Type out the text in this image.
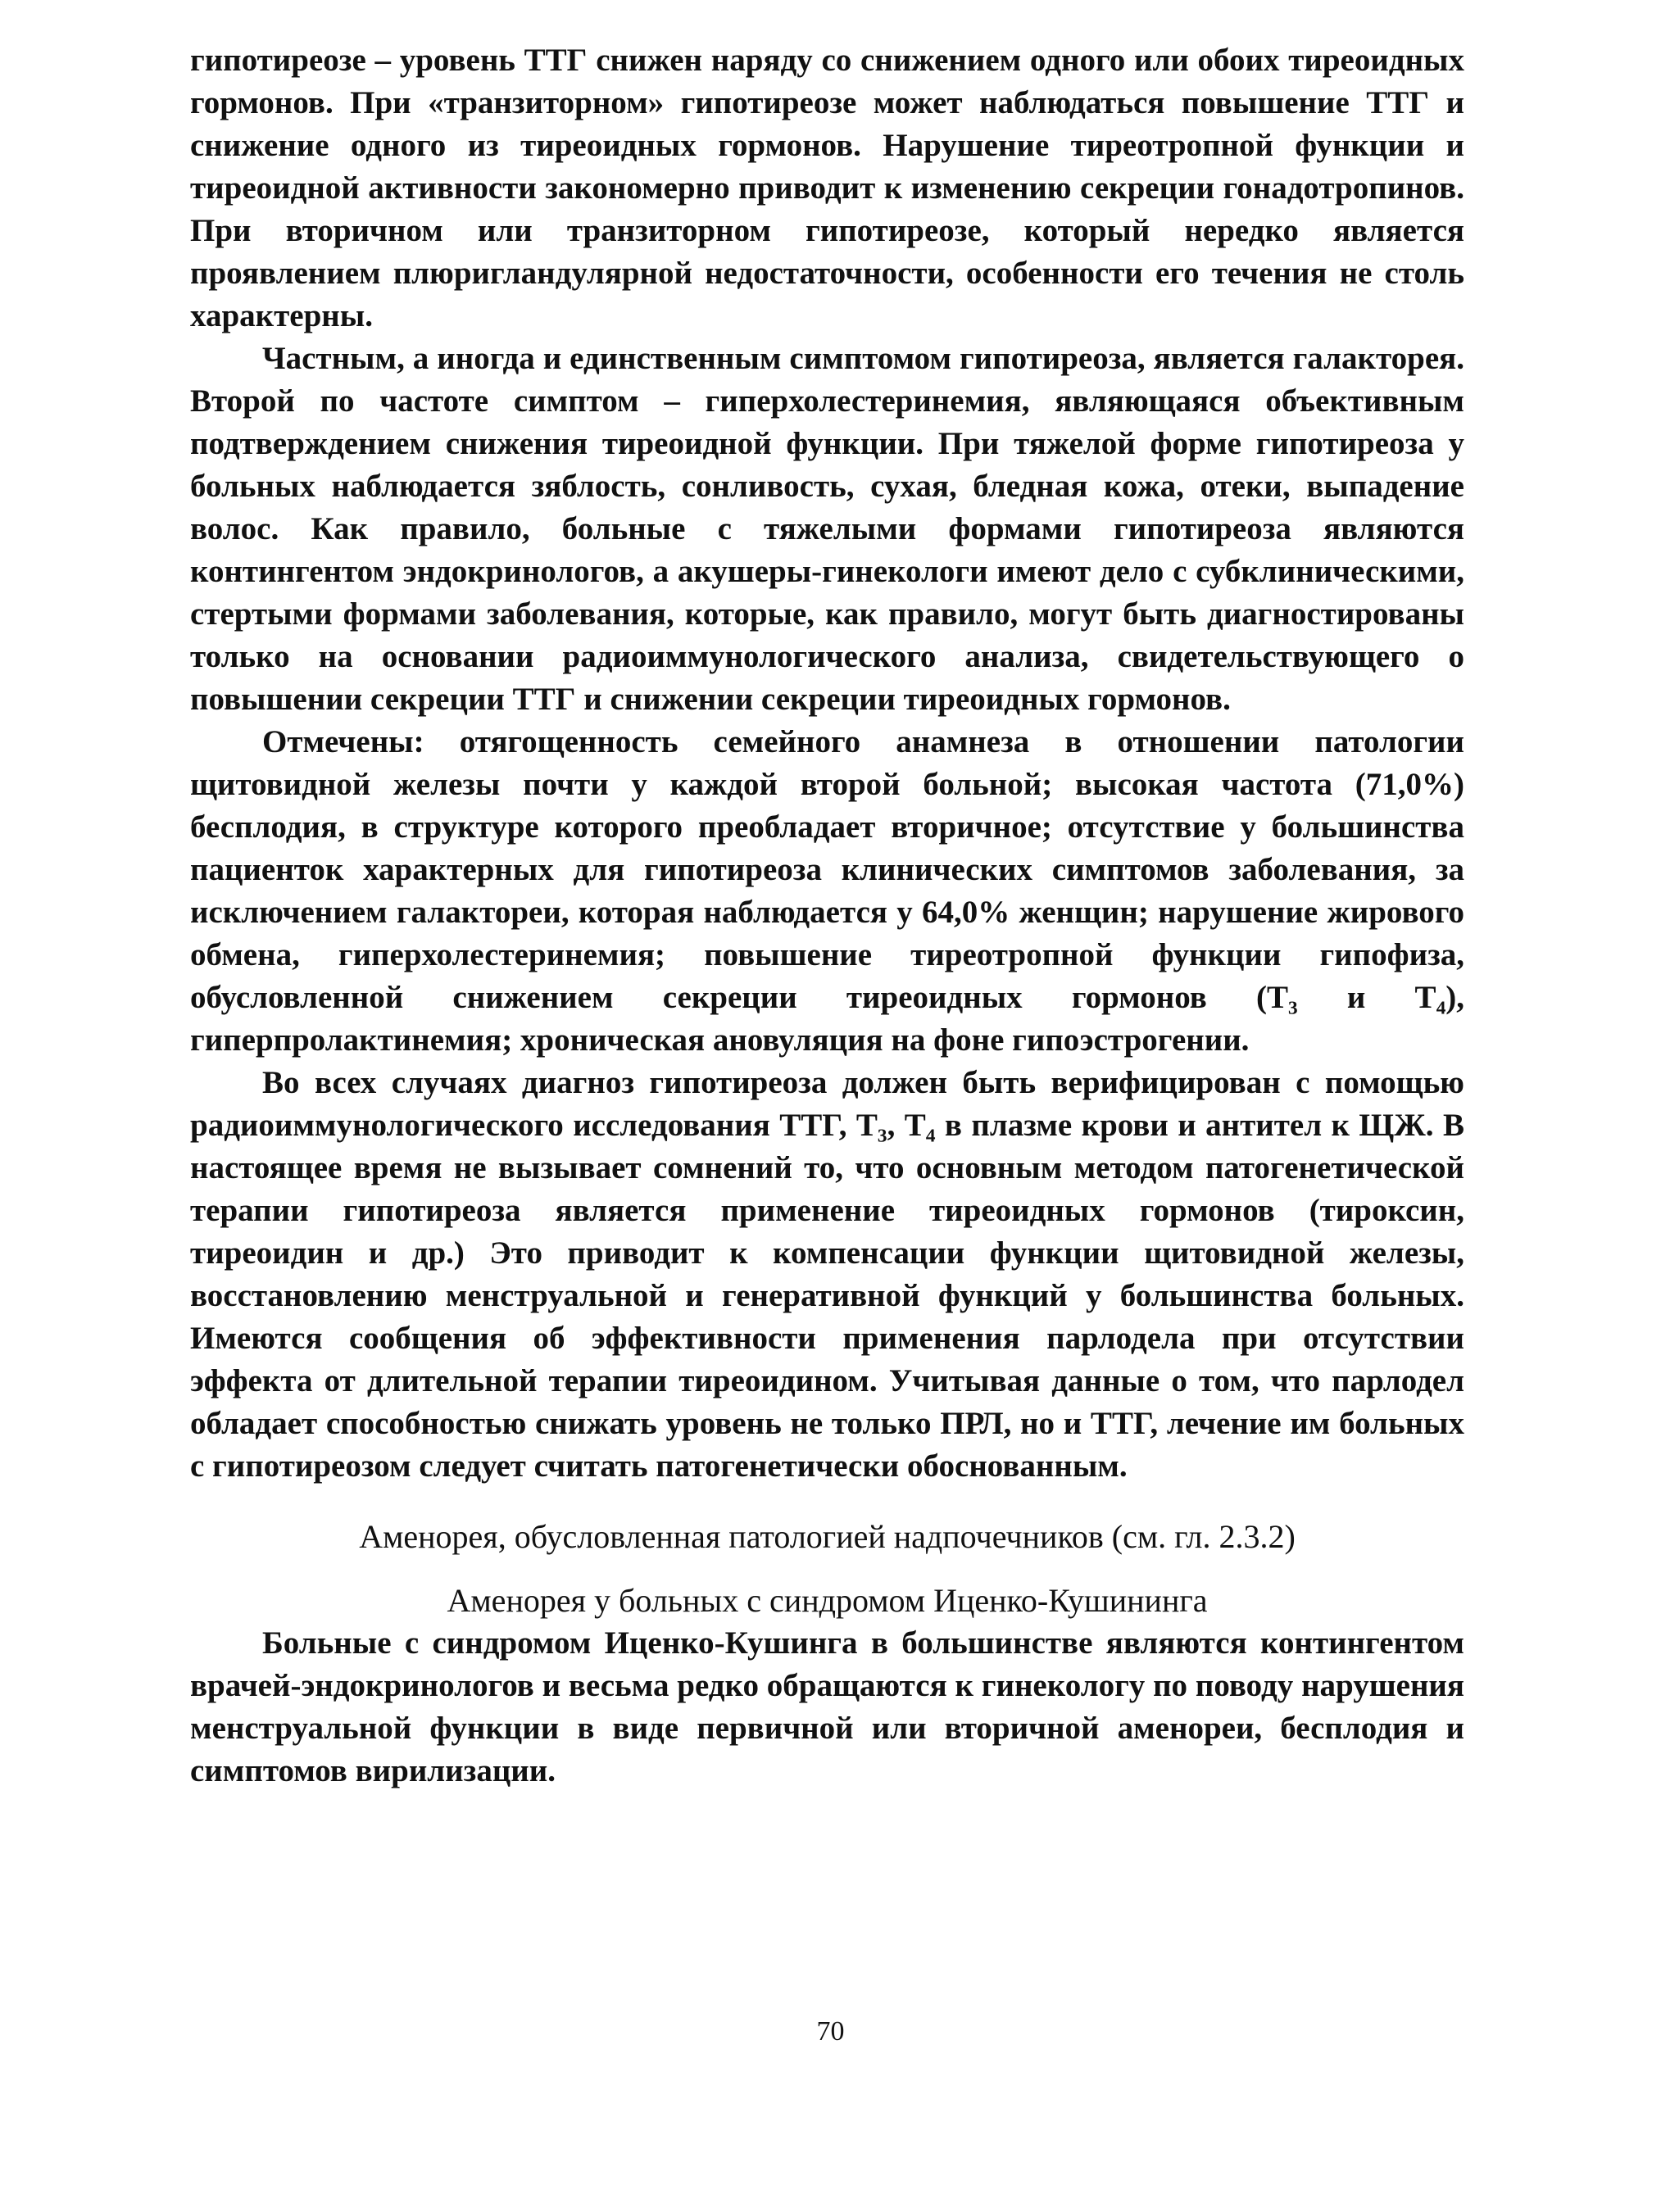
гипотиреозе – уровень ТТГ снижен наряду со снижением одного или обоих тиреоидных гормонов. При «транзиторном» гипотиреозе может наблюдаться повышение ТТГ и снижение одного из тиреоидных гормонов. Нарушение тиреотропной функции и тиреоидной активности закономерно приводит к изменению секреции гонадотропинов. При вторичном или транзиторном гипотиреозе, который нередко является проявлением плюригландулярной недостаточности, особенности его течения не столь характерны.

Частным, а иногда и единственным симптомом гипотиреоза, является галакторея. Второй по частоте симптом – гиперхолестеринемия, являющаяся объективным подтверждением снижения тиреоидной функции. При тяжелой форме гипотиреоза у больных наблюдается зяблость, сонливость, сухая, бледная кожа, отеки, выпадение волос. Как правило, больные с тяжелыми формами гипотиреоза являются контингентом эндокринологов, а акушеры-гинекологи имеют дело с субклиническими, стертыми формами заболевания, которые, как правило, могут быть диагностированы только на основании радиоиммунологического анализа, свидетельствующего о повышении секреции ТТГ и снижении секреции тиреоидных гормонов.

Отмечены: отягощенность семейного анамнеза в отношении патологии щитовидной железы почти у каждой второй больной; высокая частота (71,0%) бесплодия, в структуре которого преобладает вторичное; отсутствие у большинства пациенток характерных для гипотиреоза клинических симптомов заболевания, за исключением галактореи, которая наблюдается у 64,0% женщин; нарушение жирового обмена, гиперхолестеринемия; повышение тиреотропной функции гипофиза, обусловленной снижением секреции тиреоидных гормонов (Т₃ и Т₄), гиперпролактинемия; хроническая ановуляция на фоне гипоэстрогении.

Во всех случаях диагноз гипотиреоза должен быть верифицирован с помощью радиоиммунологического исследования ТТГ, Т₃, Т₄ в плазме крови и антител к ЩЖ. В настоящее время не вызывает сомнений то, что основным методом патогенетической терапии гипотиреоза является применение тиреоидных гормонов (тироксин, тиреоидин и др.) Это приводит к компенсации функции щитовидной железы, восстановлению менструальной и генеративной функций у большинства больных. Имеются сообщения об эффективности применения парлодела при отсутствии эффекта от длительной терапии тиреоидином. Учитывая данные о том, что парлодел обладает способностью снижать уровень не только ПРЛ, но и ТТГ, лечение им больных с гипотиреозом следует считать патогенетически обоснованным.

Аменорея, обусловленная патологией надпочечников (см. гл. 2.3.2)

Аменорея у больных с синдромом Иценко-Кушининга

Больные с синдромом Иценко-Кушинга в большинстве являются контингентом врачей-эндокринологов и весьма редко обращаются к гинекологу по поводу нарушения менструальной функции в виде первичной или вторичной аменореи, бесплодия и симптомов вирилизации.

70
